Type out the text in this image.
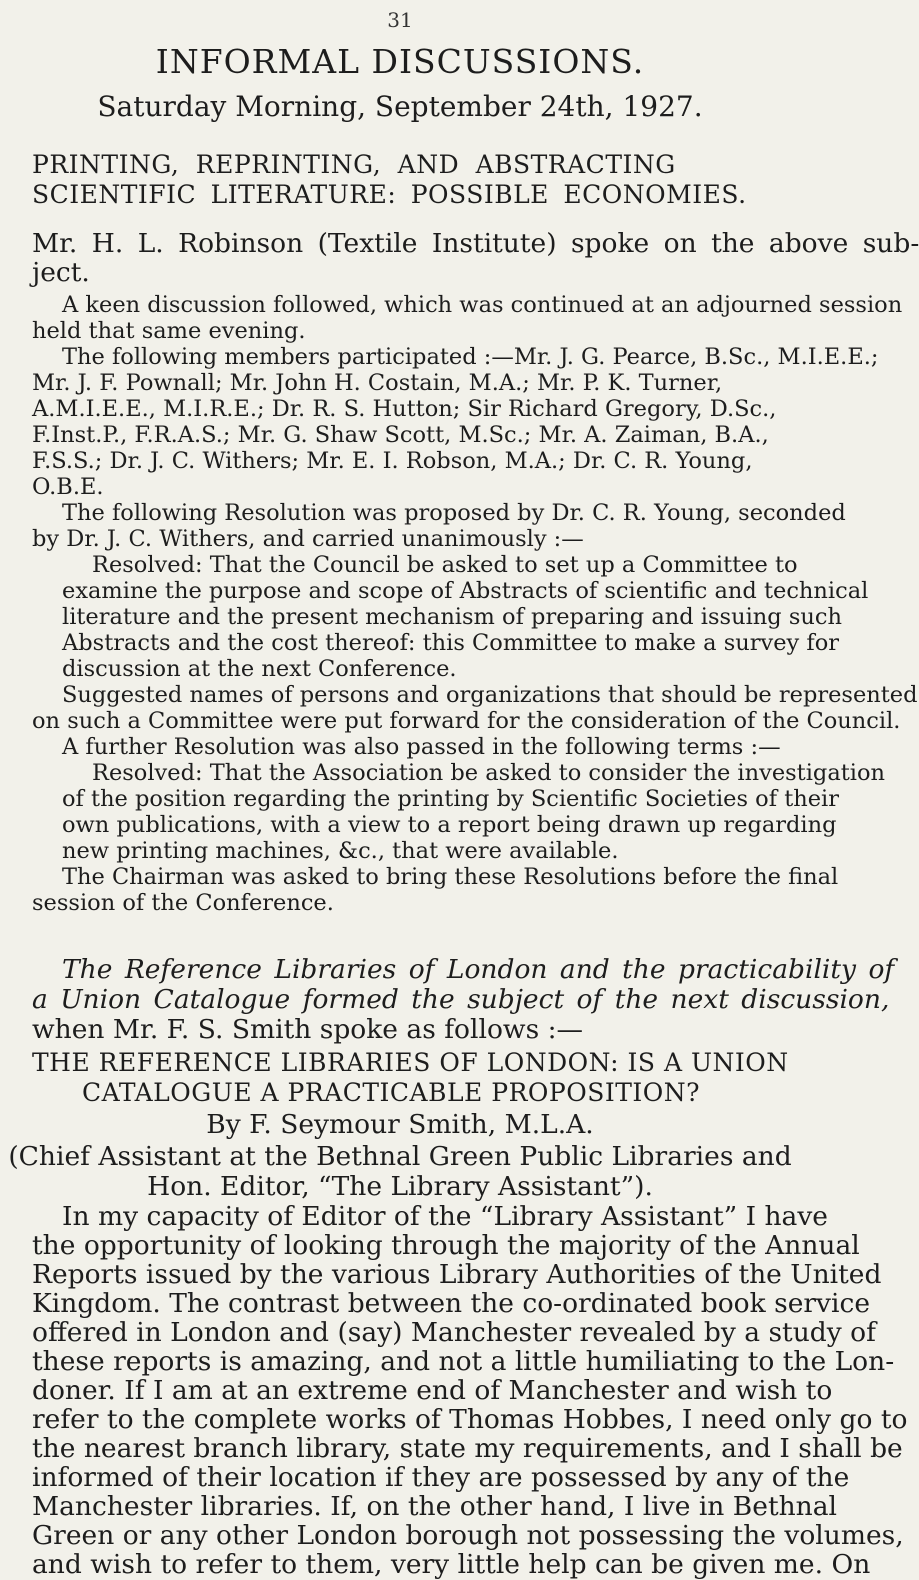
31
INFORMAL DISCUSSIONS.
Saturday Morning, September 24th, 1927.
PRINTING, REPRINTING, AND ABSTRACTING
SCIENTIFIC LITERATURE: POSSIBLE ECONOMIES.
Mr. H. L. Robinson (Textile Institute) spoke on the above sub-
ject.
A keen discussion followed, which was continued at an adjourned session
held that same evening.
The following members participated :—Mr. J. G. Pearce, B.Sc., M.I.E.E.;
Mr. J. F. Pownall; Mr. John H. Costain, M.A.; Mr. P. K. Turner,
A.M.I.E.E., M.I.R.E.; Dr. R. S. Hutton; Sir Richard Gregory, D.Sc.,
F.Inst.P., F.R.A.S.; Mr. G. Shaw Scott, M.Sc.; Mr. A. Zaiman, B.A.,
F.S.S.; Dr. J. C. Withers; Mr. E. I. Robson, M.A.; Dr. C. R. Young,
O.B.E.
The following Resolution was proposed by Dr. C. R. Young, seconded
by Dr. J. C. Withers, and carried unanimously :—
Resolved: That the Council be asked to set up a Committee to
examine the purpose and scope of Abstracts of scientific and technical
literature and the present mechanism of preparing and issuing such
Abstracts and the cost thereof: this Committee to make a survey for
discussion at the next Conference.
Suggested names of persons and organizations that should be represented
on such a Committee were put forward for the consideration of the Council.
A further Resolution was also passed in the following terms :—
Resolved: That the Association be asked to consider the investigation
of the position regarding the printing by Scientific Societies of their
own publications, with a view to a report being drawn up regarding
new printing machines, &c., that were available.
The Chairman was asked to bring these Resolutions before the final
session of the Conference.
The Reference Libraries of London and the practicability of
a Union Catalogue formed the subject of the next discussion,
when Mr. F. S. Smith spoke as follows :—
THE REFERENCE LIBRARIES OF LONDON: IS A UNION
CATALOGUE A PRACTICABLE PROPOSITION?
By F. Seymour Smith, M.L.A.
(Chief Assistant at the Bethnal Green Public Libraries and
Hon. Editor, “The Library Assistant”).
In my capacity of Editor of the “Library Assistant” I have
the opportunity of looking through the majority of the Annual
Reports issued by the various Library Authorities of the United
Kingdom. The contrast between the co-ordinated book service
offered in London and (say) Manchester revealed by a study of
these reports is amazing, and not a little humiliating to the Lon-
doner. If I am at an extreme end of Manchester and wish to
refer to the complete works of Thomas Hobbes, I need only go to
the nearest branch library, state my requirements, and I shall be
informed of their location if they are possessed by any of the
Manchester libraries. If, on the other hand, I live in Bethnal
Green or any other London borough not possessing the volumes,
and wish to refer to them, very little help can be given me. On
